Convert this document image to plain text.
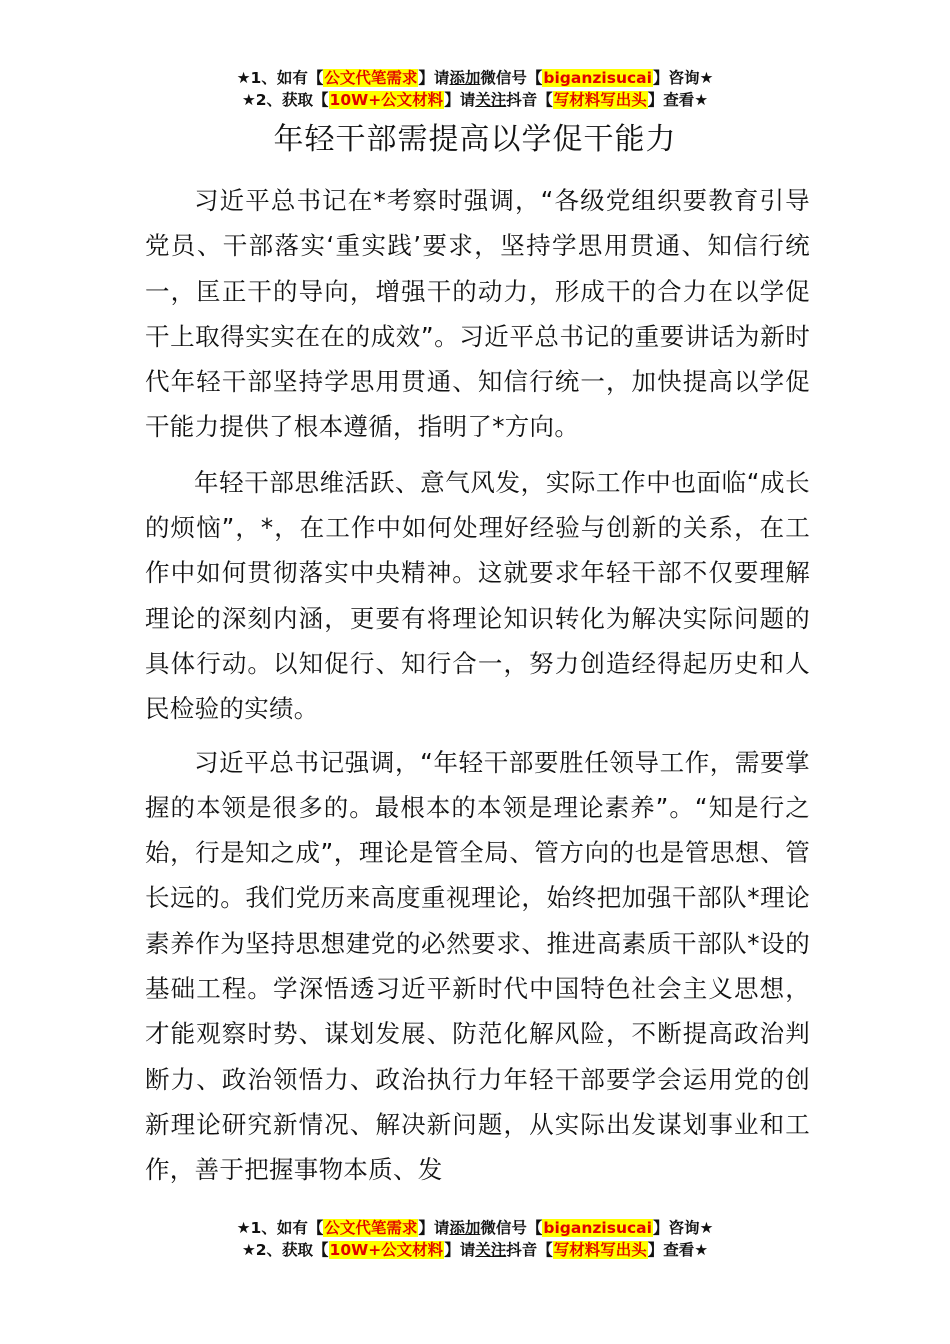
★1、如有【公文代笔需求】请添加微信号【biganzisucai】咨询★
★2、获取【10W+公文材料】请关注抖音【写材料写出头】查看★
年轻干部需提高以学促干能力

习近平总书记在*考察时强调，“各级党组织要教育引导党员、干部落实‘重实践’要求，坚持学思用贯通、知信行统一，匡正干的导向，增强干的动力，形成干的合力在以学促干上取得实实在在的成效”。习近平总书记的重要讲话为新时代年轻干部坚持学思用贯通、知信行统一，加快提高以学促干能力提供了根本遵循，指明了*方向。

年轻干部思维活跃、意气风发，实际工作中也面临“成长的烦恼”，*，在工作中如何处理好经验与创新的关系，在工作中如何贯彻落实中央精神。这就要求年轻干部不仅要理解理论的深刻内涵，更要有将理论知识转化为解决实际问题的具体行动。以知促行、知行合一，努力创造经得起历史和人民检验的实绩。

习近平总书记强调，“年轻干部要胜任领导工作，需要掌握的本领是很多的。最根本的本领是理论素养”。“知是行之始，行是知之成”，理论是管全局、管方向的也是管思想、管长远的。我们党历来高度重视理论，始终把加强干部队*理论素养作为坚持思想建党的必然要求、推进高素质干部队*设的基础工程。学深悟透习近平新时代中国特色社会主义思想，才能观察时势、谋划发展、防范化解风险，不断提高政治判断力、政治领悟力、政治执行力年轻干部要学会运用党的创新理论研究新情况、解决新问题，从实际出发谋划事业和工作，善于把握事物本质、发

★1、如有【公文代笔需求】请添加微信号【biganzisucai】咨询★
★2、获取【10W+公文材料】请关注抖音【写材料写出头】查看★
